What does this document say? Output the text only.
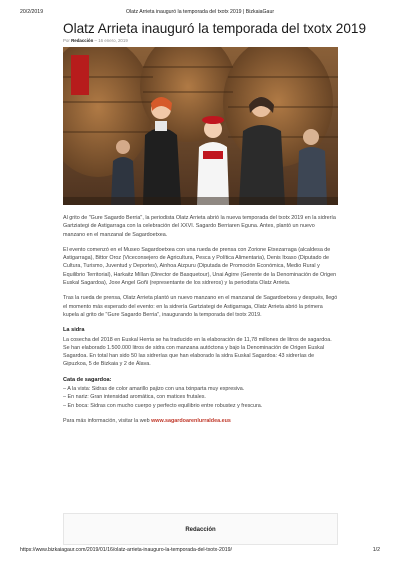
20/2/2019	Olatz Arrieta inauguró la temporada del txotx 2019 | BizkaiaGaur
Olatz Arrieta inauguró la temporada del txotx 2019
Por Redacción – 16 enero, 2019

Al grito de "Gure Sagardo Berria", la periodista Olatz Arrieta abrió la nueva temporada del txotx 2019 en la sidrería Gartziategi de Astigarraga con la celebración del XXVI. Sagardo Berriaren Eguna. Antes, plantó un nuevo manzano en el manzanal de Sagardoetxea.

El evento comenzó en el Museo Sagardoetxea con una rueda de prensa con Zorione Etxezarraga (alcaldesa de Astigarraga), Bittor Oroz (Viceconsejero de Agricultura, Pesca y Política Alimentaria), Denis Itxaso (Diputado de Cultura, Turismo, Juventud y Deportes), Ainhoa Aizpuru (Diputada de Promoción Económica, Medio Rural y Equilibrio Territorial), Harkaitz Millan (Director de Basquetour), Unai Agirre (Gerente de la Denominación de Origen Euskal Sagardoa), Joxe Angel Goñi (representante de los sidreros) y la periodista Olatz Arrieta.

Tras la rueda de prensa, Olatz Arrieta plantó un nuevo manzano en el manzanal de Sagardoetxea y después, llegó el momento más esperado del evento: en la sidrería Gartziategi de Astigarraga, Olatz Arrieta abrió la primera kupela al grito de "Gure Sagardo Berria", inaugurando la temporada del txotx 2019.

La sidra

La cosecha del 2018 en Euskal Herria se ha traducido en la elaboración de 11,78 millones de litros de sagardoa. Se han elaborado 1.500.000 litros de sidra con manzana autóctona y bajo la Denominación de Origen Euskal Sagardoa. En total han sido 50 las sidrerías que han elaborado la sidra Euskal Sagardoa: 43 sidrerías de Gipuzkoa, 5 de Bizkaia y 2 de Álava.

Cata de sagardoa:
– A la vista: Sidras de color amarillo pajizo con una txinparta muy expresiva.
– En nariz: Gran intensidad aromática, con matices frutales.
– En boca: Sidras con mucho cuerpo y perfecto equilibrio entre robustez y frescura.

Para más información, visitar la web www.sagardoarenlurraldea.eus

Redacción
https://www.bizkaiagaur.com/2019/01/16/olatz-arrieta-inauguro-la-temporada-del-txotx-2019/	1/2
